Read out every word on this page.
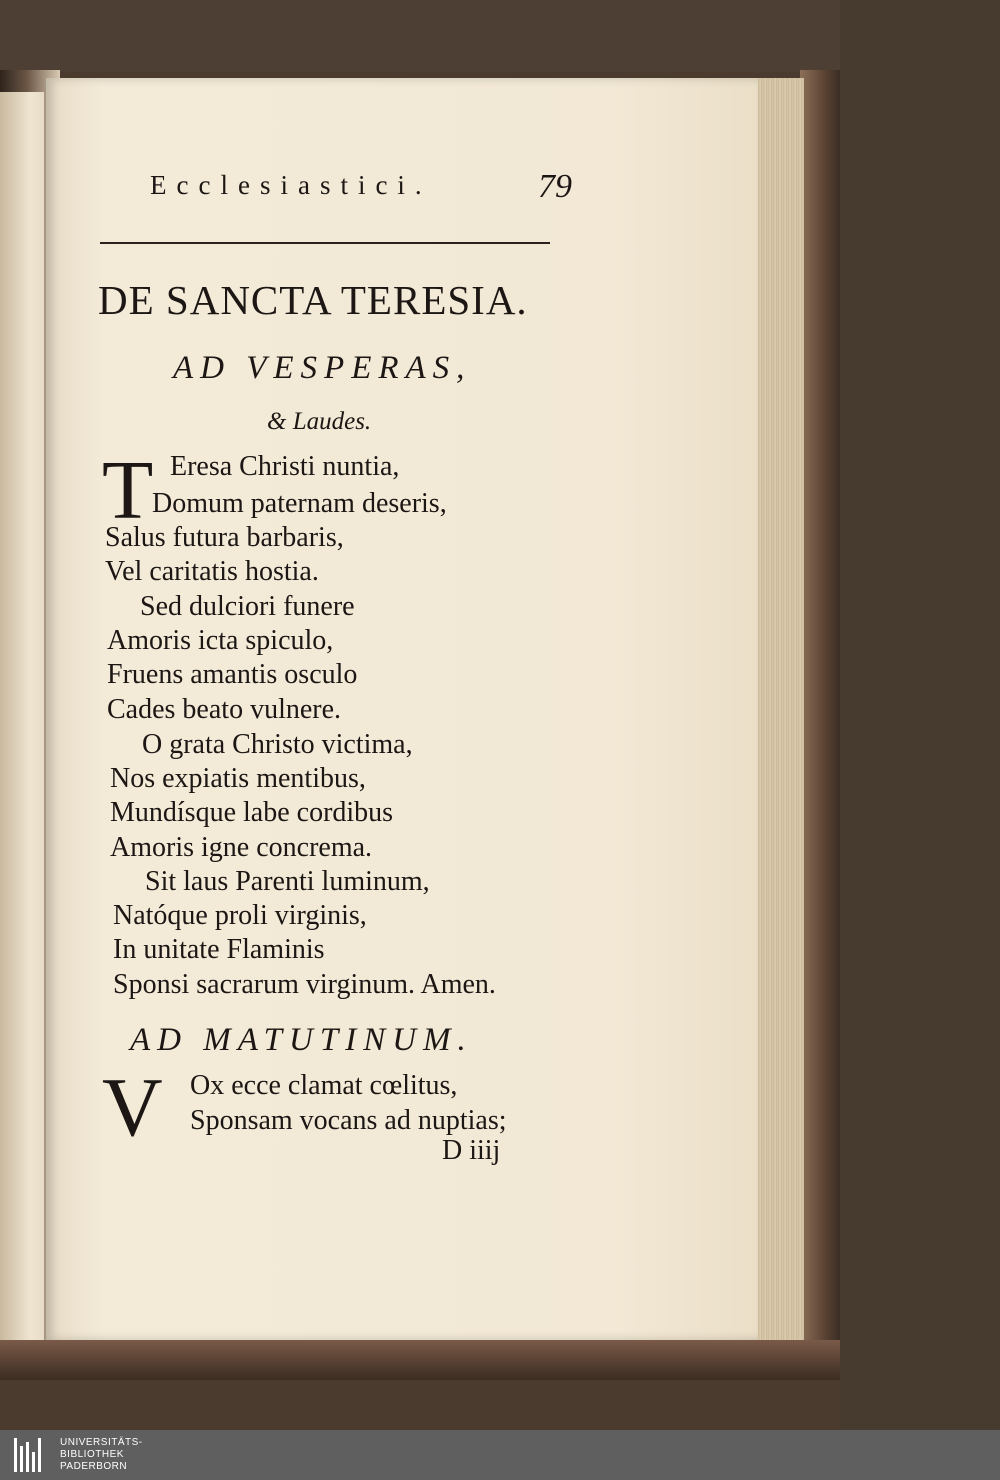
Ecclesiastici.	79

DE SANCTA TERESIA.

AD VESPERAS,

& Laudes.

T Eresa Christi nuntia,

Domum paternam deseris,

Salus futura barbaris,

Vel caritatis hostia.

Sed dulciori funere

Amoris icta spiculo,

Fruens amantis osculo

Cades beato vulnere.

O grata Christo victima,

Nos expiatis mentibus,

Mundísque labe cordibus

Amoris igne concrema.

Sit laus Parenti luminum,

Natóque proli virginis,

In unitate Flaminis

Sponsi sacrarum virginum. Amen.

AD MATUTINUM.

V Ox ecce clamat cœlitus,

Sponsam vocans ad nuptias;

D iiij

UNIVERSITÄTS-
BIBLIOTHEK
PADERBORN
